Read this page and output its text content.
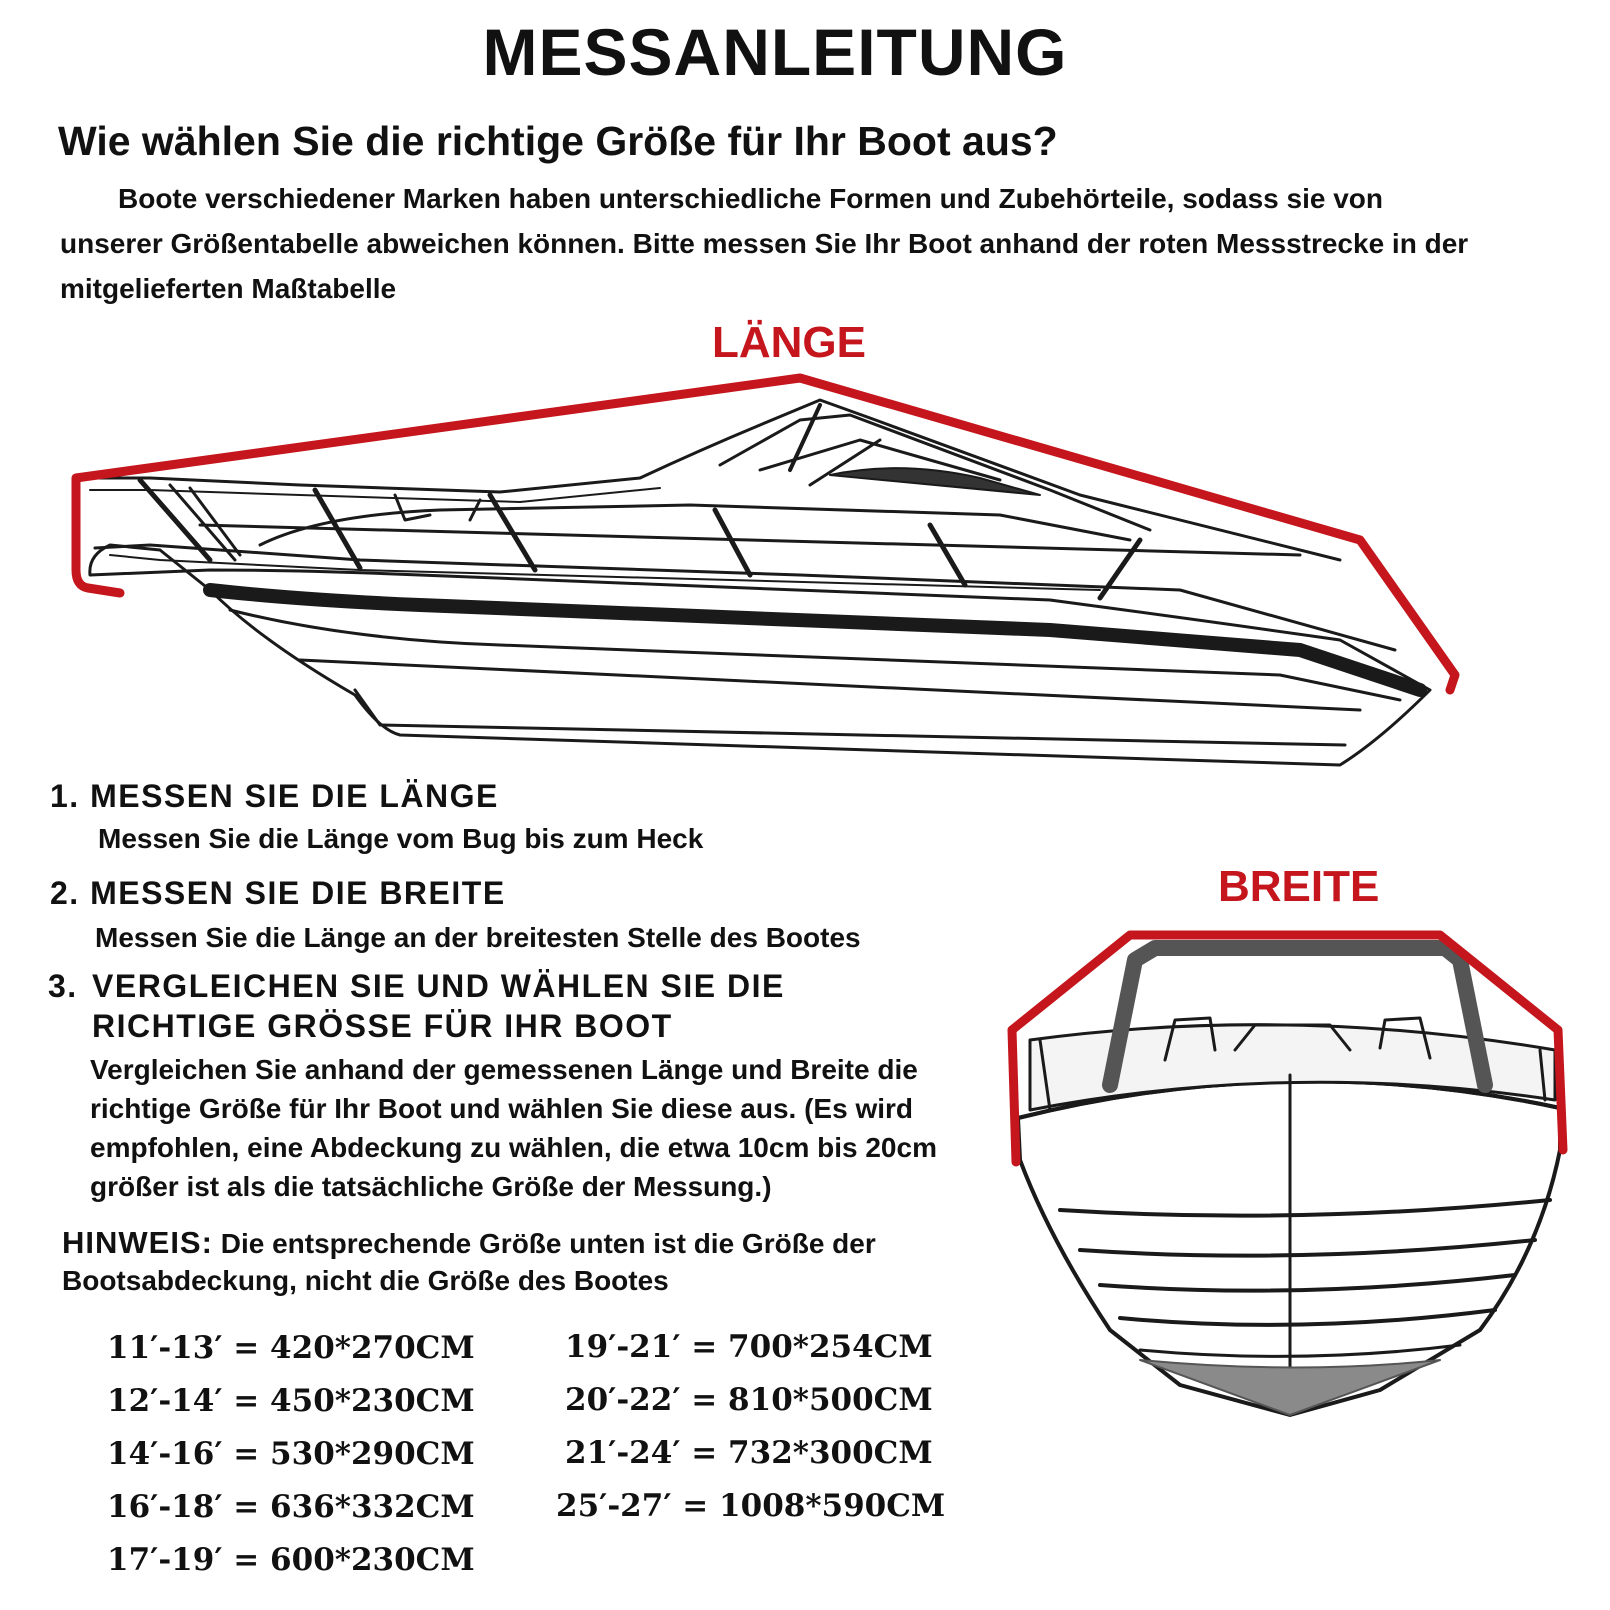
MESSANLEITUNG
Wie wählen Sie die richtige Größe für Ihr Boot aus?
Boote verschiedener Marken haben unterschiedliche Formen und Zubehörteile, sodass sie von unserer Größentabelle abweichen können. Bitte messen Sie Ihr Boot anhand der roten Messstrecke in der mitgelieferten Maßtabelle
LÄNGE
BREITE
1. MESSEN SIE DIE LÄNGE
Messen Sie die Länge vom Bug bis zum Heck
2. MESSEN SIE DIE BREITE
Messen Sie die Länge an der breitesten Stelle des Bootes
3. VERGLEICHEN SIE UND WÄHLEN SIE DIE
RICHTIGE GRÖSSE FÜR IHR BOOT
Vergleichen Sie anhand der gemessenen Länge und Breite die richtige Größe für Ihr Boot und wählen Sie diese aus. (Es wird empfohlen, eine Abdeckung zu wählen, die etwa 10cm bis 20cm größer ist als die tatsächliche Größe der Messung.)
HINWEIS: Die entsprechende Größe unten ist die Größe der Bootsabdeckung, nicht die Größe des Bootes
11′-13′ = 420*270CM
12′-14′ = 450*230CM
14′-16′ = 530*290CM
16′-18′ = 636*332CM
17′-19′ = 600*230CM
19′-21′ = 700*254CM
20′-22′ = 810*500CM
21′-24′ = 732*300CM
25′-27′ = 1008*590CM
